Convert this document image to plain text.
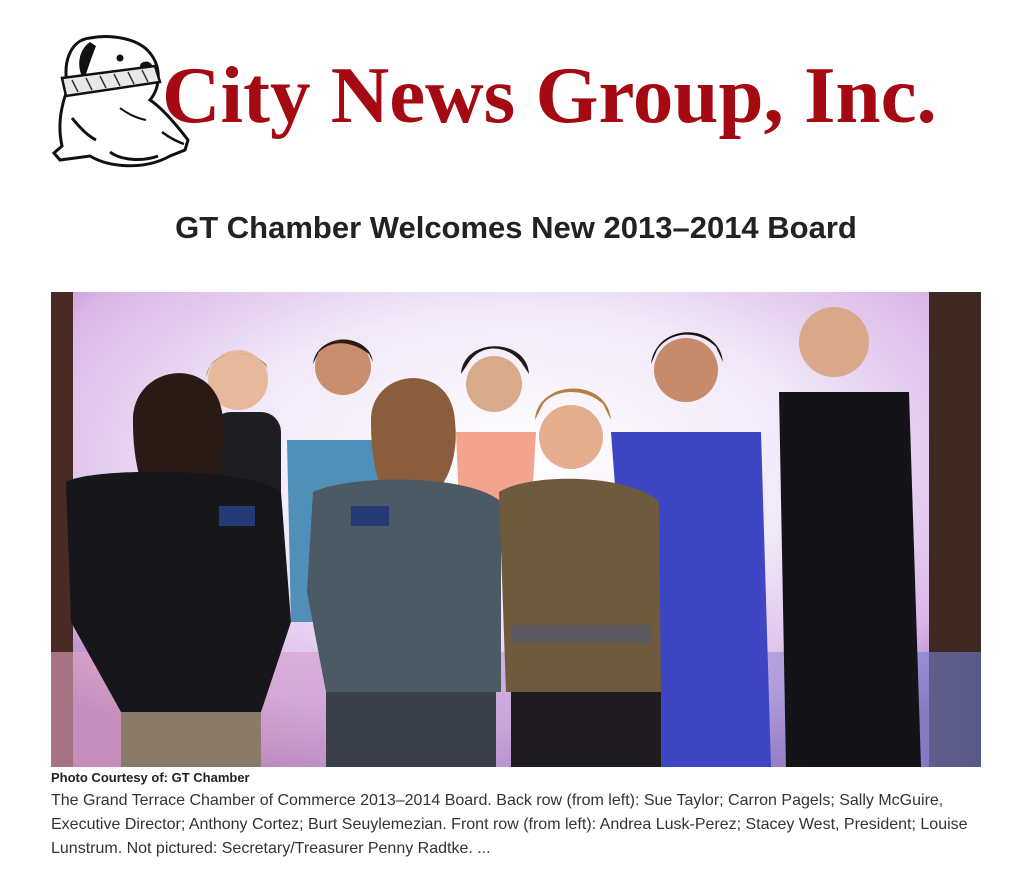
City News Group, Inc.
GT Chamber Welcomes New 2013–2014 Board
Photo Courtesy of: GT Chamber

The Grand Terrace Chamber of Commerce 2013–2014 Board. Back row (from left): Sue Taylor; Carron Pagels; Sally McGuire, Executive Director; Anthony Cortez; Burt Seuylemezian. Front row (from left): Andrea Lusk-Perez; Stacey West, President; Louise Lunstrum. Not pictured: Secretary/Treasurer Penny Radtke. ...
